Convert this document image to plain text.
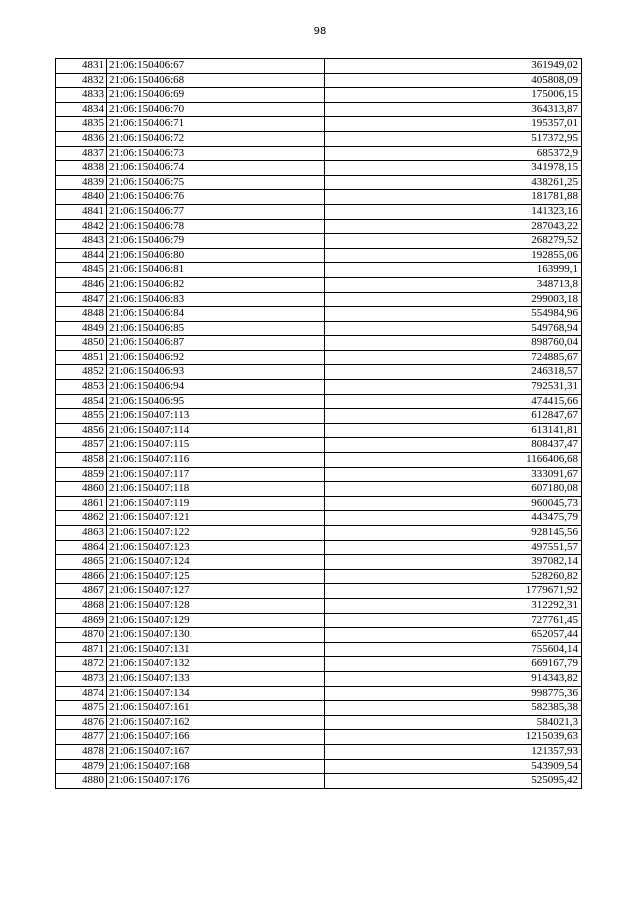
98
4831	21:06:150406:67	361949,02
4832	21:06:150406:68	405808,09
4833	21:06:150406:69	175006,15
4834	21:06:150406:70	364313,87
4835	21:06:150406:71	195357,01
4836	21:06:150406:72	517372,95
4837	21:06:150406:73	685372,9
4838	21:06:150406:74	341978,15
4839	21:06:150406:75	438261,25
4840	21:06:150406:76	181781,88
4841	21:06:150406:77	141323,16
4842	21:06:150406:78	287043,22
4843	21:06:150406:79	268279,52
4844	21:06:150406:80	192855,06
4845	21:06:150406:81	163999,1
4846	21:06:150406:82	348713,8
4847	21:06:150406:83	299003,18
4848	21:06:150406:84	554984,96
4849	21:06:150406:85	549768,94
4850	21:06:150406:87	898760,04
4851	21:06:150406:92	724885,67
4852	21:06:150406:93	246318,57
4853	21:06:150406:94	792531,31
4854	21:06:150406:95	474415,66
4855	21:06:150407:113	612847,67
4856	21:06:150407:114	613141,81
4857	21:06:150407:115	808437,47
4858	21:06:150407:116	1166406,68
4859	21:06:150407:117	333091,67
4860	21:06:150407:118	607180,08
4861	21:06:150407:119	960045,73
4862	21:06:150407:121	443475,79
4863	21:06:150407:122	928145,56
4864	21:06:150407:123	497551,57
4865	21:06:150407:124	397082,14
4866	21:06:150407:125	528260,82
4867	21:06:150407:127	1779671,92
4868	21:06:150407:128	312292,31
4869	21:06:150407:129	727761,45
4870	21:06:150407:130	652057,44
4871	21:06:150407:131	755604,14
4872	21:06:150407:132	669167,79
4873	21:06:150407:133	914343,82
4874	21:06:150407:134	998775,36
4875	21:06:150407:161	582385,38
4876	21:06:150407:162	584021,3
4877	21:06:150407:166	1215039,63
4878	21:06:150407:167	121357,93
4879	21:06:150407:168	543909,54
4880	21:06:150407:176	525095,42
